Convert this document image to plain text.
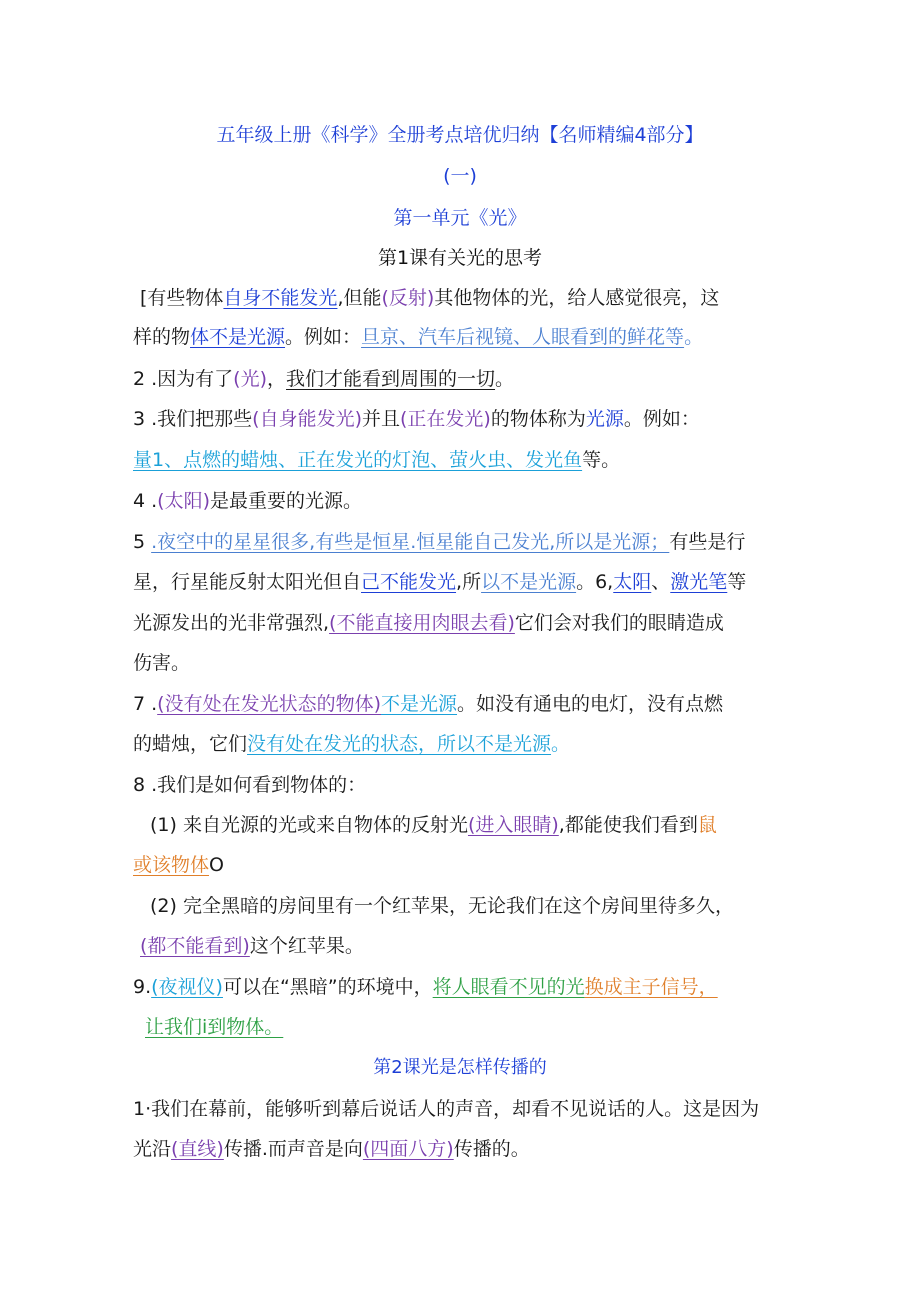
五年级上册《科学》全册考点培优归纳【名师精编4部分】
(一)
第一单元《光》
第1课有关光的思考
[有些物体自身不能发光,但能(反射)其他物体的光，给人感觉很亮，这
样的物体不是光源。例如：旦京、汽车后视镜、人眼看到的鲜花等。
2 .因为有了(光)，我们才能看到周围的一切。
3 .我们把那些(自身能发光)并且(正在发光)的物体称为光源。例如：
量1、点燃的蜡烛、正在发光的灯泡、萤火虫、发光鱼等。
4 .(太阳)是最重要的光源。
5 .夜空中的星星很多,有些是恒星.恒星能自己发光,所以是光源；有些是行
星，行星能反射太阳光但自己不能发光,所以不是光源。6,太阳、激光笔等
光源发出的光非常强烈,(不能直接用肉眼去看)它们会对我们的眼睛造成
伤害。
7 .(没有处在发光状态的物体)不是光源。如没有通电的电灯，没有点燃
的蜡烛，它们没有处在发光的状态，所以不是光源。
8 .我们是如何看到物体的：
(1) 来自光源的光或来自物体的反射光(进入眼睛),都能使我们看到鼠
或该物体O
(2) 完全黑暗的房间里有一个红苹果，无论我们在这个房间里待多久，
(都不能看到)这个红苹果。
9.(夜视仪)可以在“黑暗”的环境中，将人眼看不见的光换成主子信号，
让我们i到物体。
第2课光是怎样传播的
1·我们在幕前，能够听到幕后说话人的声音，却看不见说话的人。这是因为
光沿(直线)传播.而声音是向(四面八方)传播的。
